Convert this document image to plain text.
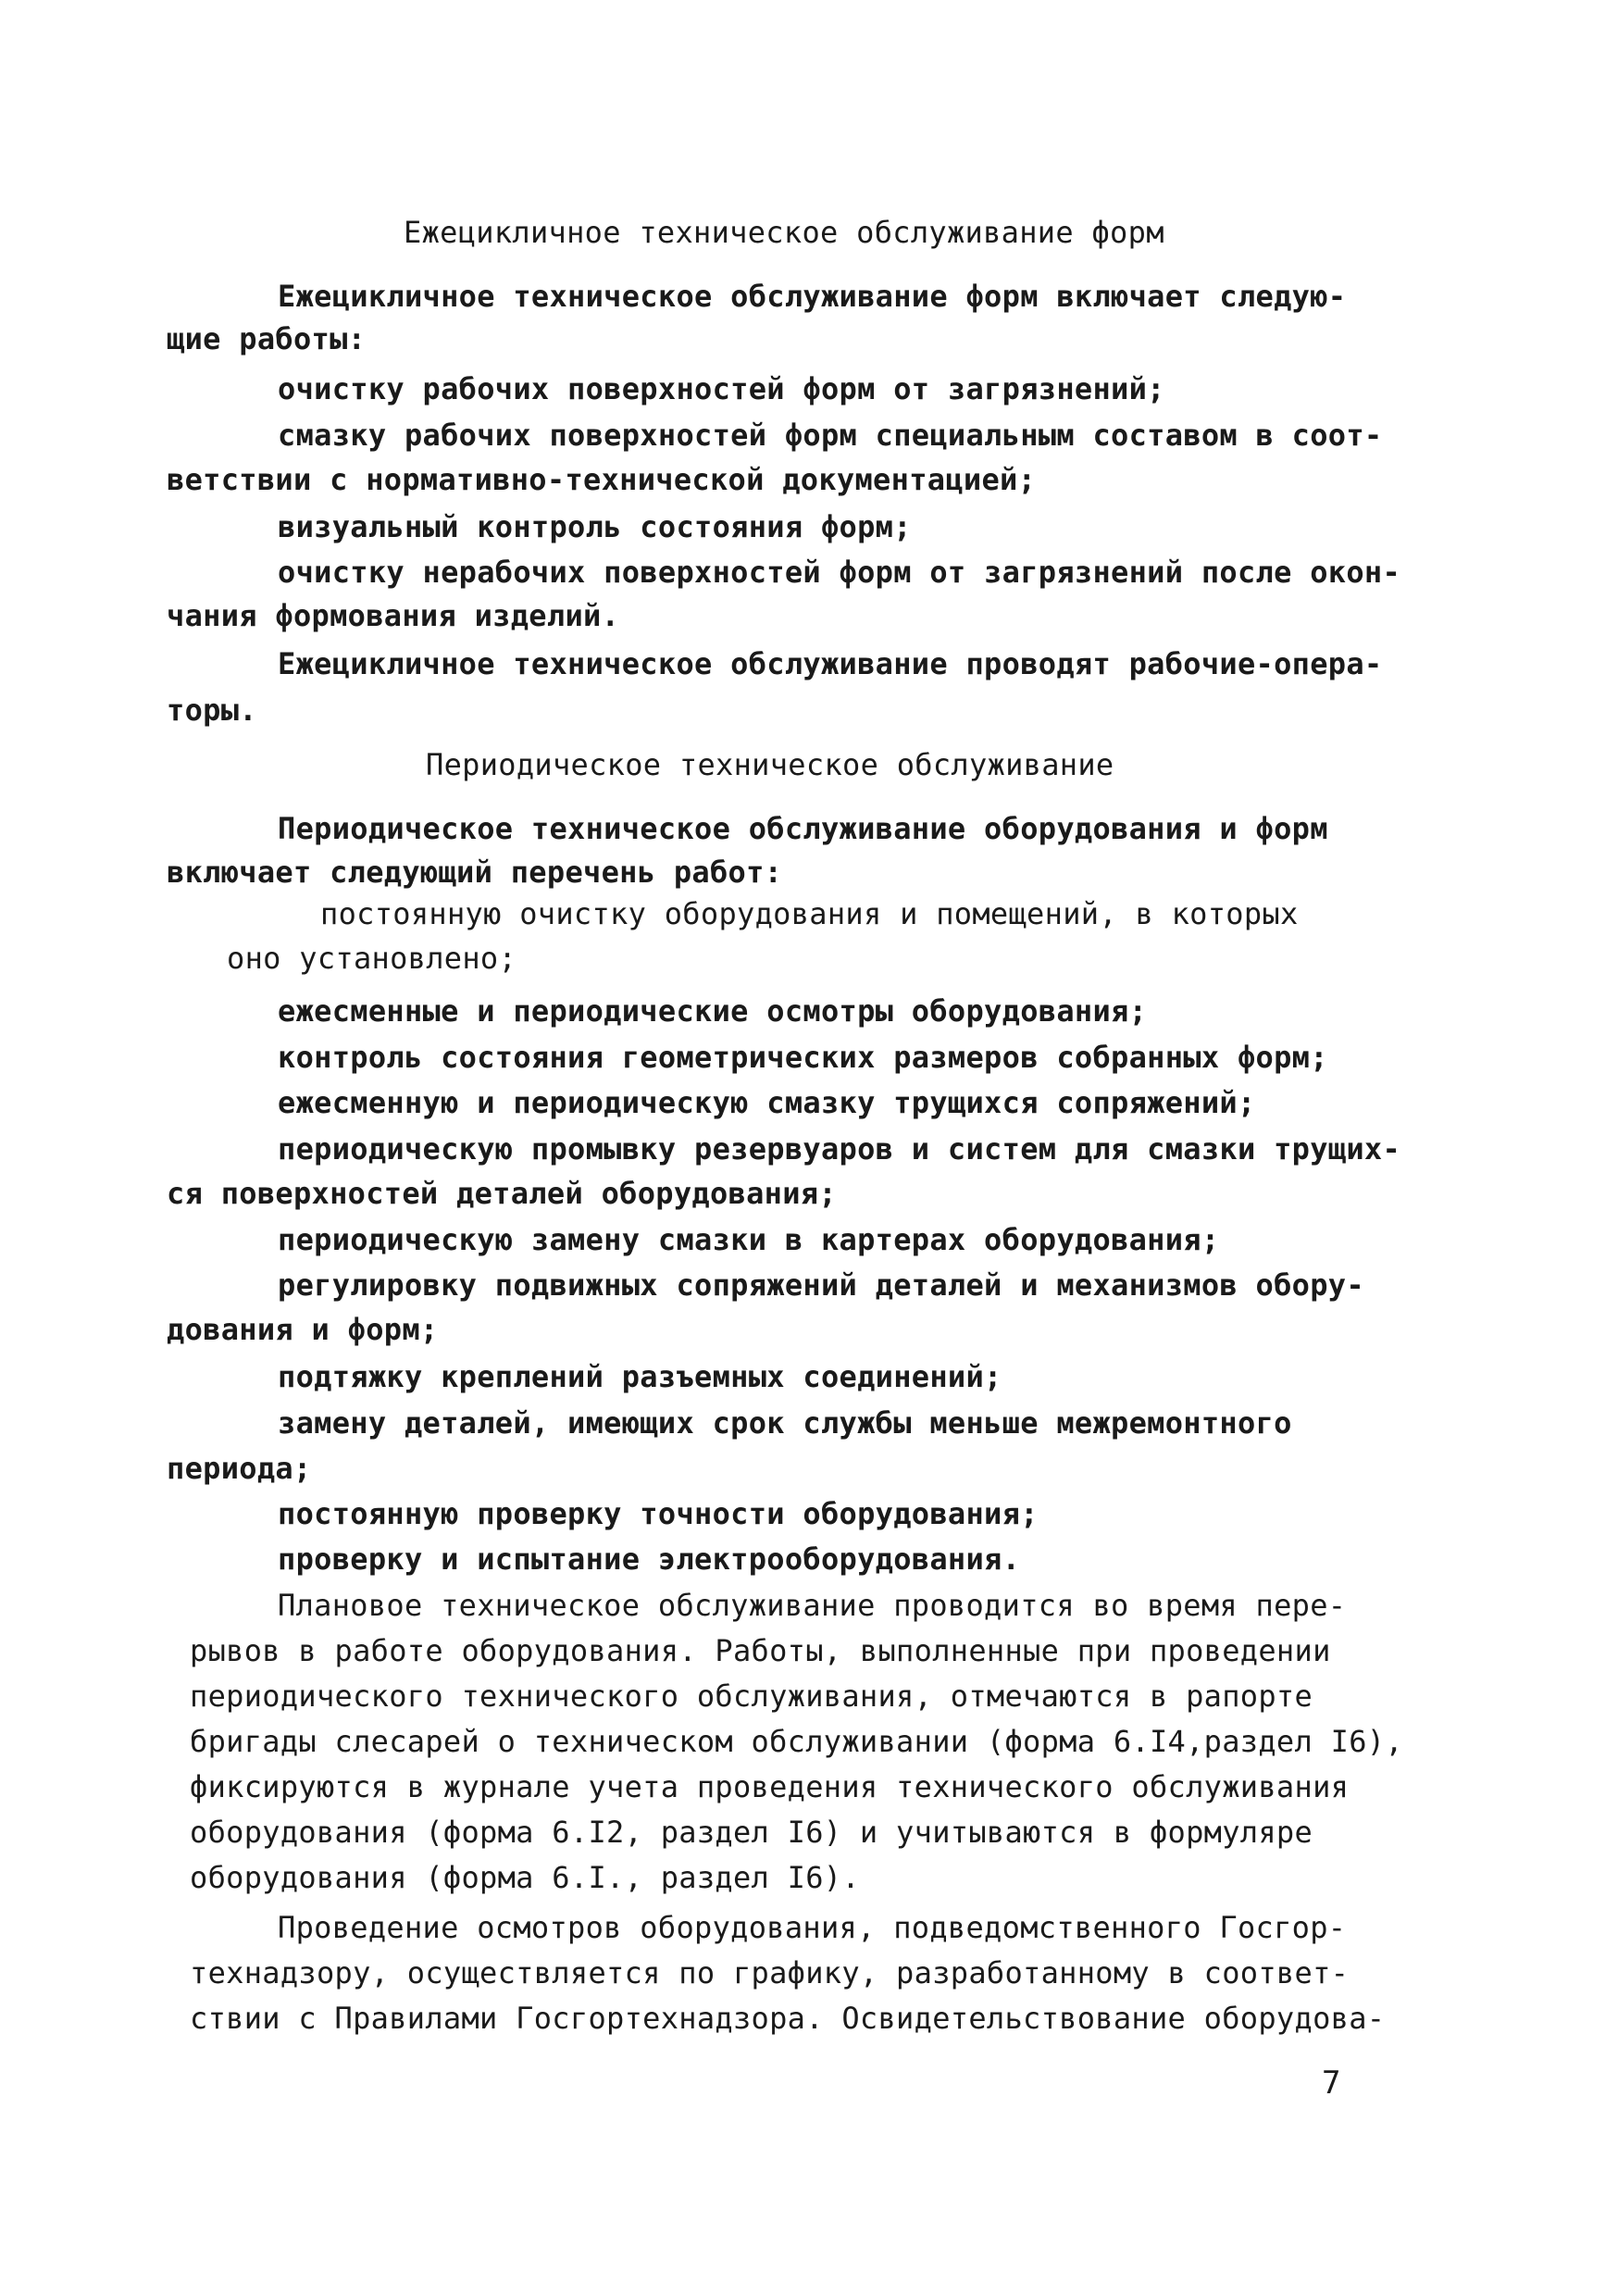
Ежецикличное техническое обслуживание форм
Ежецикличное техническое обслуживание форм включает следую-
щие работы:
очистку рабочих поверхностей форм от загрязнений;
смазку рабочих поверхностей форм специальным составом в соот-
ветствии с нормативно-технической документацией;
визуальный контроль состояния форм;
очистку нерабочих поверхностей форм от загрязнений после окон-
чания формования изделий.
Ежецикличное техническое обслуживание проводят рабочие-опера-
торы.
Периодическое техническое обслуживание
Периодическое техническое обслуживание оборудования и форм
включает следующий перечень работ:
постоянную очистку оборудования и помещений, в которых
оно установлено;
ежесменные и периодические осмотры оборудования;
контроль состояния геометрических размеров собранных форм;
ежесменную и периодическую смазку трущихся сопряжений;
периодическую промывку резервуаров и систем для смазки трущих-
ся поверхностей деталей оборудования;
периодическую замену смазки в картерах оборудования;
регулировку подвижных сопряжений деталей и механизмов обору-
дования и форм;
подтяжку креплений разъемных соединений;
замену деталей, имеющих срок службы меньше межремонтного
периода;
постоянную проверку точности оборудования;
проверку и испытание электрооборудования.
Плановое техническое обслуживание проводится во время пере-
рывов в работе оборудования. Работы, выполненные при проведении
периодического технического обслуживания, отмечаются в рапорте
бригады слесарей о техническом обслуживании (форма 6.I4,раздел I6),
фиксируются в журнале учета проведения технического обслуживания
оборудования (форма 6.I2, раздел I6) и учитываются в формуляре
оборудования (форма 6.I., раздел I6).
Проведение осмотров оборудования, подведомственного Госгор-
технадзору, осуществляется по графику, разработанному в соответ-
ствии с Правилами Госгортехнадзора. Освидетельствование оборудова-
7
